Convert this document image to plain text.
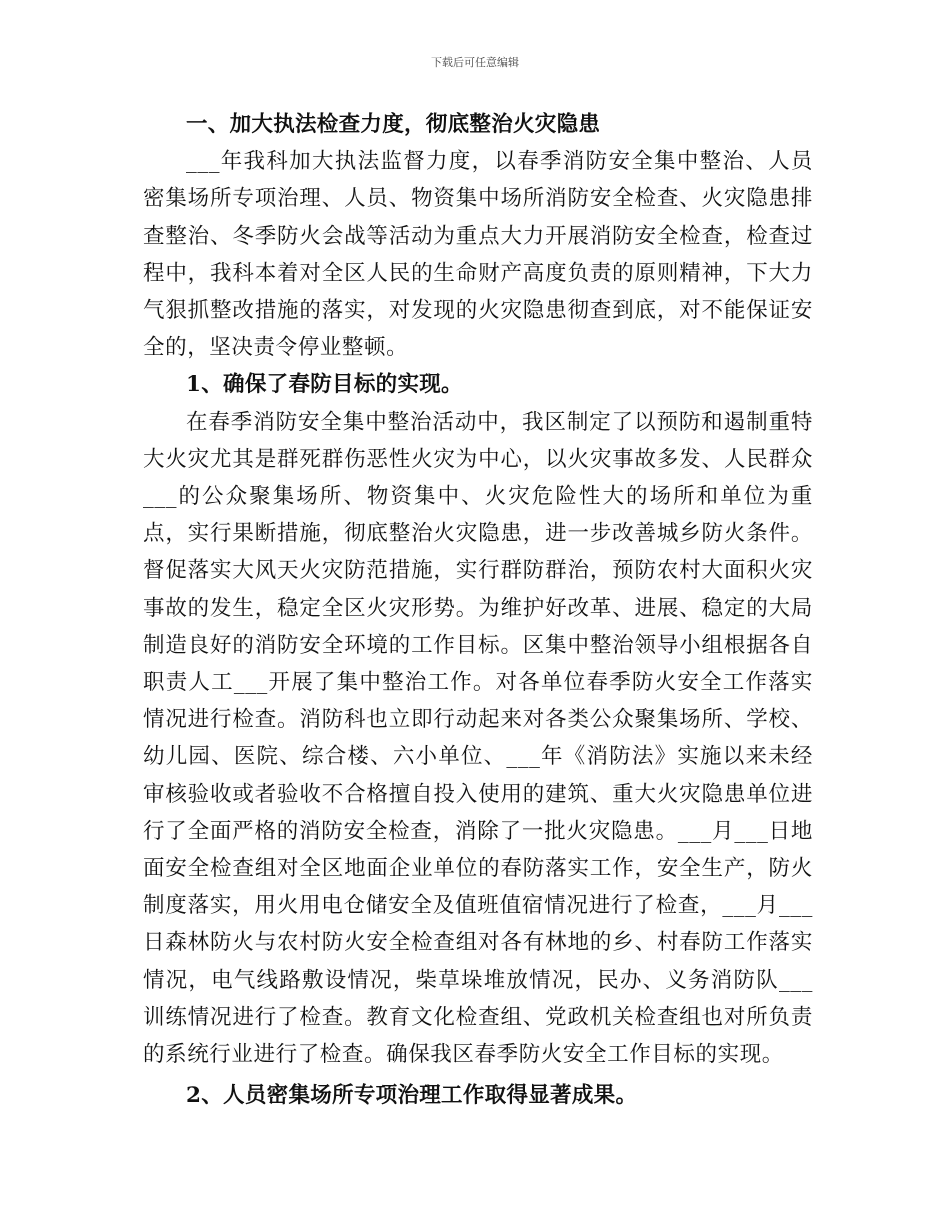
下载后可任意编辑

一、加大执法检查力度，彻底整治火灾隐患

___年我科加大执法监督力度，以春季消防安全集中整治、人员密集场所专项治理、人员、物资集中场所消防安全检查、火灾隐患排查整治、冬季防火会战等活动为重点大力开展消防安全检查，检查过程中，我科本着对全区人民的生命财产高度负责的原则精神，下大力气狠抓整改措施的落实，对发现的火灾隐患彻查到底，对不能保证安全的，坚决责令停业整顿。

1、确保了春防目标的实现。

在春季消防安全集中整治活动中，我区制定了以预防和遏制重特大火灾尤其是群死群伤恶性火灾为中心，以火灾事故多发、人民群众___的公众聚集场所、物资集中、火灾危险性大的场所和单位为重点，实行果断措施，彻底整治火灾隐患，进一步改善城乡防火条件。督促落实大风天火灾防范措施，实行群防群治，预防农村大面积火灾事故的发生，稳定全区火灾形势。为维护好改革、进展、稳定的大局制造良好的消防安全环境的工作目标。区集中整治领导小组根据各自职责人工___开展了集中整治工作。对各单位春季防火安全工作落实情况进行检查。消防科也立即行动起来对各类公众聚集场所、学校、幼儿园、医院、综合楼、六小单位、___年《消防法》实施以来未经审核验收或者验收不合格擅自投入使用的建筑、重大火灾隐患单位进行了全面严格的消防安全检查，消除了一批火灾隐患。___月___日地面安全检查组对全区地面企业单位的春防落实工作，安全生产，防火制度落实，用火用电仓储安全及值班值宿情况进行了检查，___月___日森林防火与农村防火安全检查组对各有林地的乡、村春防工作落实情况，电气线路敷设情况，柴草垛堆放情况，民办、义务消防队___训练情况进行了检查。教育文化检查组、党政机关检查组也对所负责的系统行业进行了检查。确保我区春季防火安全工作目标的实现。

2、人员密集场所专项治理工作取得显著成果。
